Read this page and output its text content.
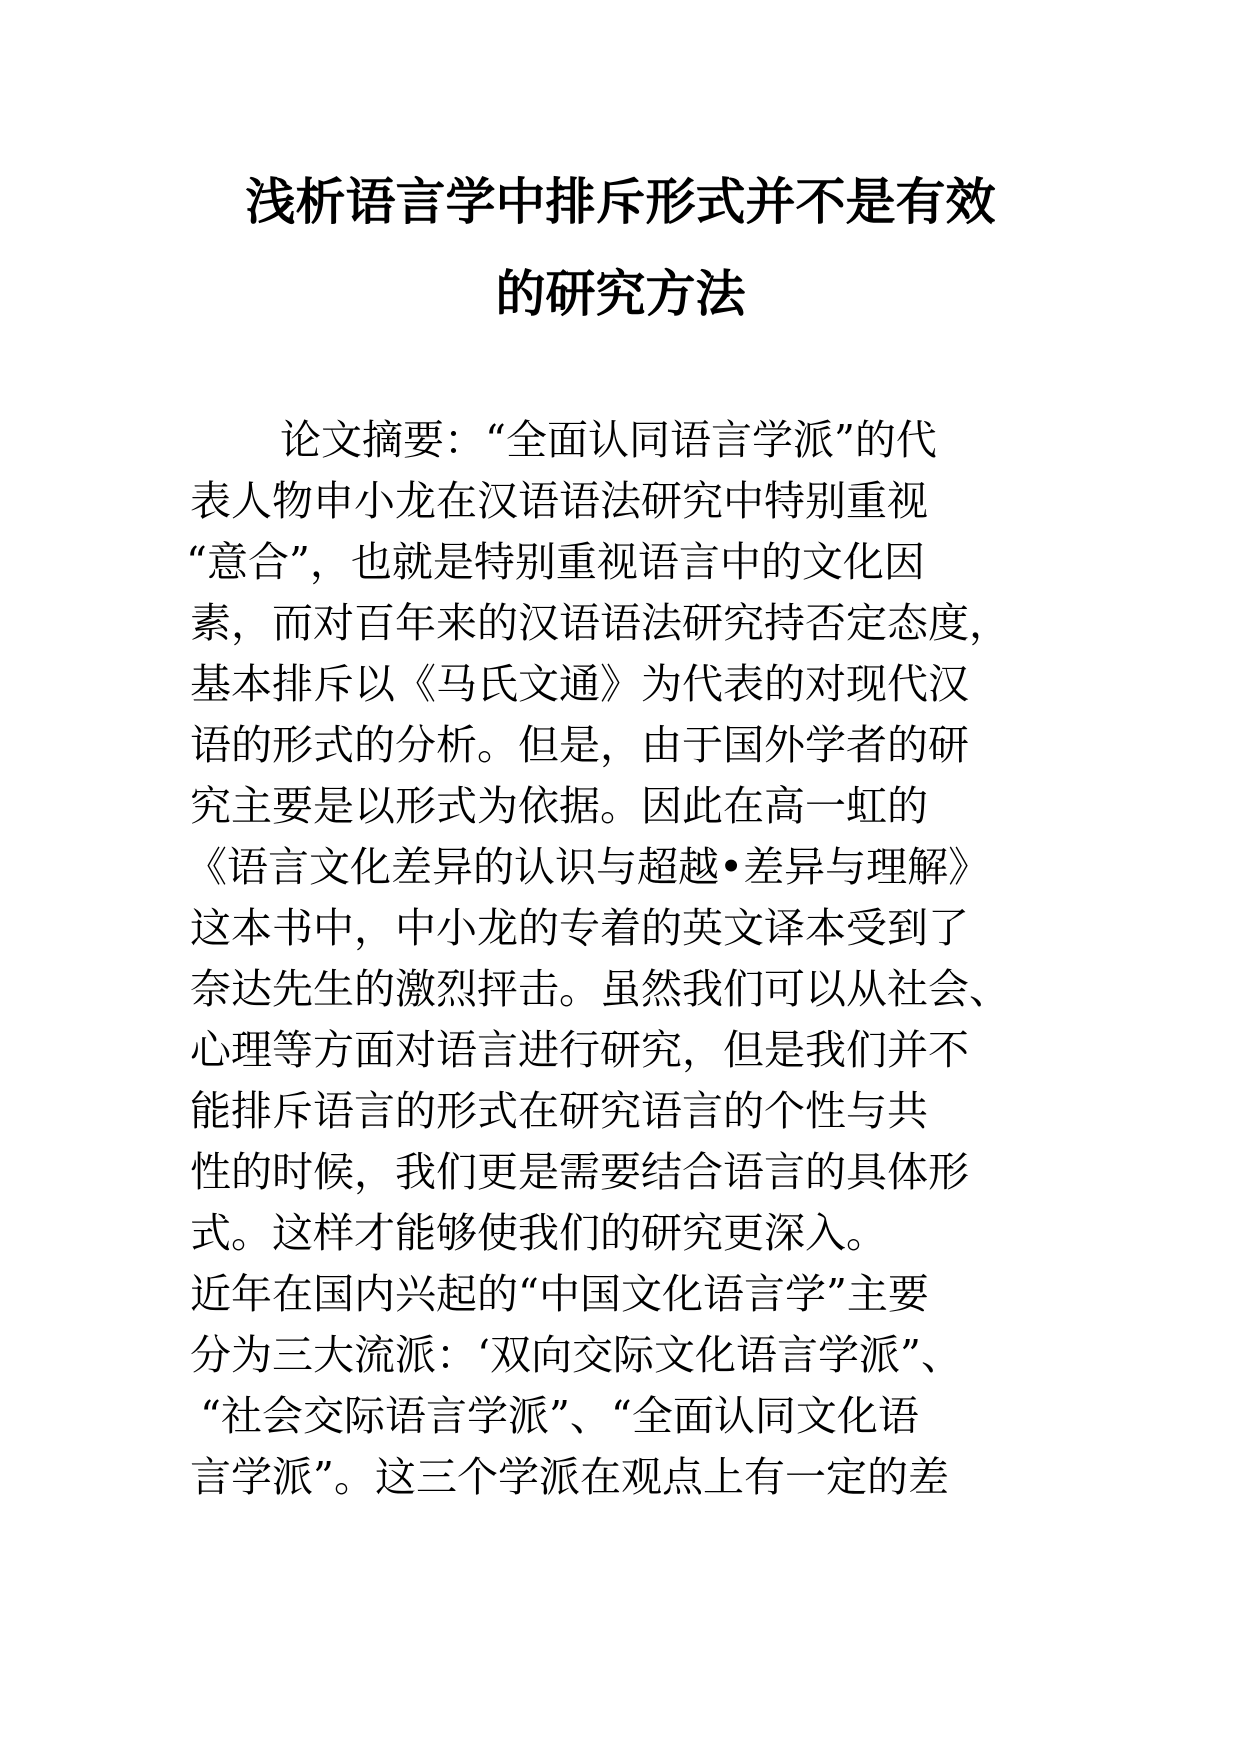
浅析语言学中排斥形式并不是有效
的研究方法
论文摘要：“全面认同语言学派”的代
表人物申小龙在汉语语法研究中特别重视
“意合”，也就是特别重视语言中的文化因
素，而对百年来的汉语语法研究持否定态度，
基本排斥以《马氏文通》为代表的对现代汉
语的形式的分析。但是，由于国外学者的研
究主要是以形式为依据。因此在高一虹的
《语言文化差异的认识与超越•差异与理解》
这本书中，中小龙的专着的英文译本受到了
奈达先生的激烈抨击。虽然我们可以从社会、
心理等方面对语言进行研究，但是我们并不
能排斥语言的形式在研究语言的个性与共
性的时候，我们更是需要结合语言的具体形
式。这样才能够使我们的研究更深入。
近年在国内兴起的“中国文化语言学”主要
分为三大流派：‘双向交际文化语言学派”、
“社会交际语言学派”、“全面认同文化语
言学派”。这三个学派在观点上有一定的差
